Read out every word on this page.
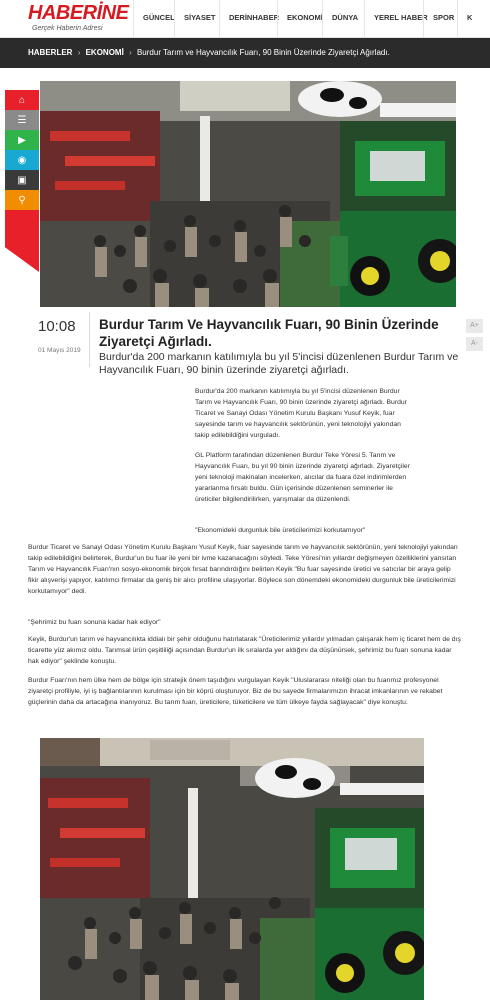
HABERİNE
Gerçek Haberin Adresi
GÜNCEL	SİYASET	DERİNHABER	EKONOMİ	DÜNYA	YEREL HABER SPOR	K
HABERLER › EKONOMİ › Burdur Tarım ve Hayvancılık Fuarı, 90 Binin Üzerinde Ziyaretçi Ağırladı.
⌂
☰
▶
◉
▣
⚲
10:08
01 Mayıs 2019
Burdur Tarım Ve Hayvancılık Fuarı, 90 Binin Üzerinde Ziyaretçi Ağırladı.
Burdur'da 200 markanın katılımıyla bu yıl 5'incisi düzenlenen Burdur Tarım ve Hayvancılık Fuarı, 90 binin üzerinde ziyaretçi ağırladı.
A+
A-

Burdur'da 200 markanın katılımıyla bu yıl 5'incisi düzenlenen Burdur Tarım ve Hayvancılık Fuarı, 90 binin üzerinde ziyaretçi ağırladı. Burdur Ticaret ve Sanayi Odası Yönetim Kurulu Başkanı Yusuf Keyik, fuar sayesinde tarım ve hayvancılık sektörünün, yeni teknolojiyi yakından takip edilebildiğini vurguladı.

GL Platform tarafından düzenlenen Burdur Teke Yöresi 5. Tarım ve Hayvancılık Fuarı, bu yıl 90 binin üzerinde ziyaretçi ağırladı. Ziyaretçiler yeni teknoloji makinaları incelerken, alıcılar da fuara özel indirimlerden yararlanma fırsatı buldu. Gün içerisinde düzenlenen seminerler ile üreticiler bilgilendirilirken, yarışmalar da düzenlendi.

"Ekonomideki durgunluk bile üreticilerimizi korkutamıyor"

Burdur Ticaret ve Sanayi Odası Yönetim Kurulu Başkanı Yusuf Keyik, fuar sayesinde tarım ve hayvancılık sektörünün, yeni teknolojiyi yakından takip edilebildiğini belirterek, Burdur'un bu fuar ile yeni bir ivme kazanacağını söyledi. Teke Yöresi'nin yıllardır değişmeyen özelliklerini yansıtan Tarım ve Hayvancılık Fuarı'nın sosyo-ekonomik birçok fırsat barındırdığını belirten Keyik "Bu fuar sayesinde üretici ve satıcılar bir araya gelip fikir alışverişi yapıyor, katılımcı firmalar da geniş bir alıcı profiline ulaşıyorlar. Böylece son dönemdeki ekonomideki durgunluk bile üreticilerimizi korkutamıyor" dedi.

"Şehrimiz bu fuarı sonuna kadar hak ediyor"

Keyik, Burdur'un tarım ve hayvancılıkta iddialı bir şehir olduğunu hatırlatarak "Üreticilerimiz yıllardır yılmadan çalışarak hem iç ticaret hem de dış ticarette yüz akımız oldu. Tarımsal ürün çeşitliliği açısından Burdur'un ilk sıralarda yer aldığını da düşünürsek, şehrimiz bu fuarı sonuna kadar hak ediyor" şeklinde konuştu.

Burdur Fuarı'nın hem ülke hem de bölge için stratejik önem taşıdığını vurgulayan Keyik "Uluslararası niteliği olan bu fuarımız profesyonel ziyaretçi profiliyle, iyi iş bağlantılarının kurulması için bir köprü oluşturuyor. Biz de bu sayede firmalarımızın ihracat imkanlarının ve rekabet güçlerinin daha da artacağına inanıyoruz. Bu tarım fuarı, üreticilere, tüketicilere ve tüm ülkeye fayda sağlayacak" diye konuştu.
